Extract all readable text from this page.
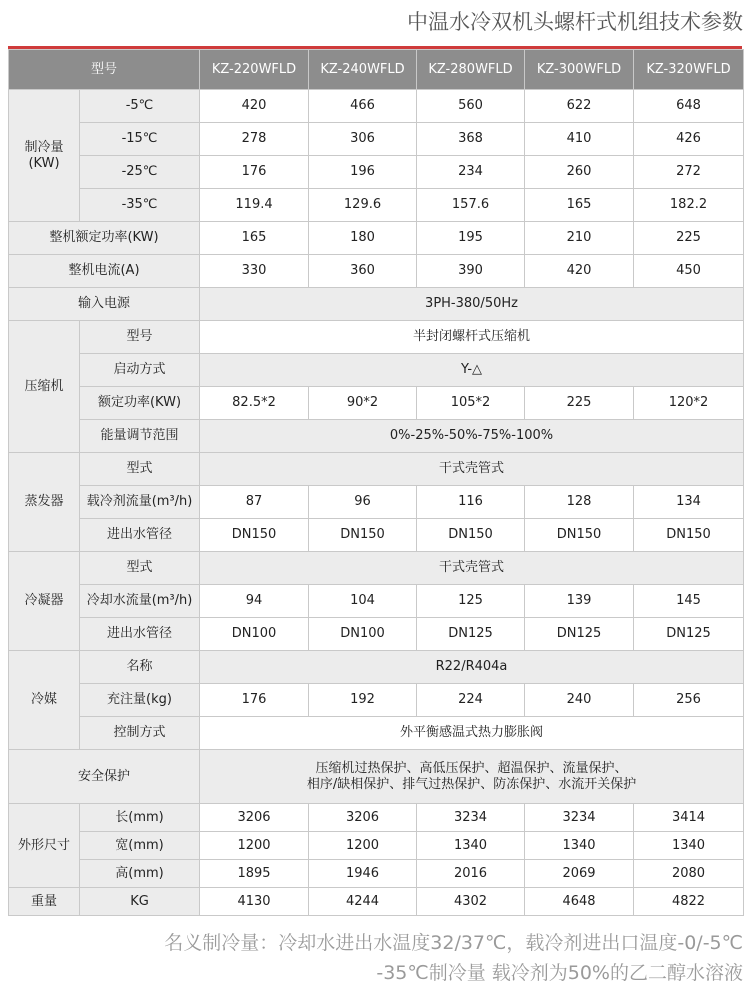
中温水冷双机头螺杆式机组技术参数
型号		KZ-220WFLD	KZ-240WFLD	KZ-280WFLD	KZ-300WFLD	KZ-320WFLD
制冷量(KW)	-5℃	420	466	560	622	648
	-15℃	278	306	368	410	426
	-25℃	176	196	234	260	272
	-35℃	119.4	129.6	157.6	165	182.2
整机额定功率(KW)		165	180	195	210	225
整机电流(A)		330	360	390	420	450
输入电源		3PH-380/50Hz				
压缩机	型号	半封闭螺杆式压缩机				
	启动方式	Y-△				
	额定功率(KW)	82.5*2	90*2	105*2	225	120*2
	能量调节范围	0%-25%-50%-75%-100%				
蒸发器	型式	干式壳管式				
	载冷剂流量(m³/h)	87	96	116	128	134
	进出水管径	DN150	DN150	DN150	DN150	DN150
冷凝器	型式	干式壳管式				
	冷却水流量(m³/h)	94	104	125	139	145
	进出水管径	DN100	DN100	DN125	DN125	DN125
冷媒	名称	R22/R404a				
	充注量(kg)	176	192	224	240	256
	控制方式	外平衡感温式热力膨胀阀				
安全保护		压缩机过热保护、高低压保护、超温保护、流量保护、
相序/缺相保护、排气过热保护、防冻保护、水流开关保护				

外形尺寸	长(mm)	3206	3206	3234	3234	3414
	宽(mm)	1200	1200	1340	1340	1340
	高(mm)	1895	1946	2016	2069	2080
重量	KG	4130	4244	4302	4648	4822
名义制冷量：冷却水进出水温度32/37℃，载冷剂进出口温度-0/-5℃
-35℃制冷量 载冷剂为50%的乙二醇水溶液
